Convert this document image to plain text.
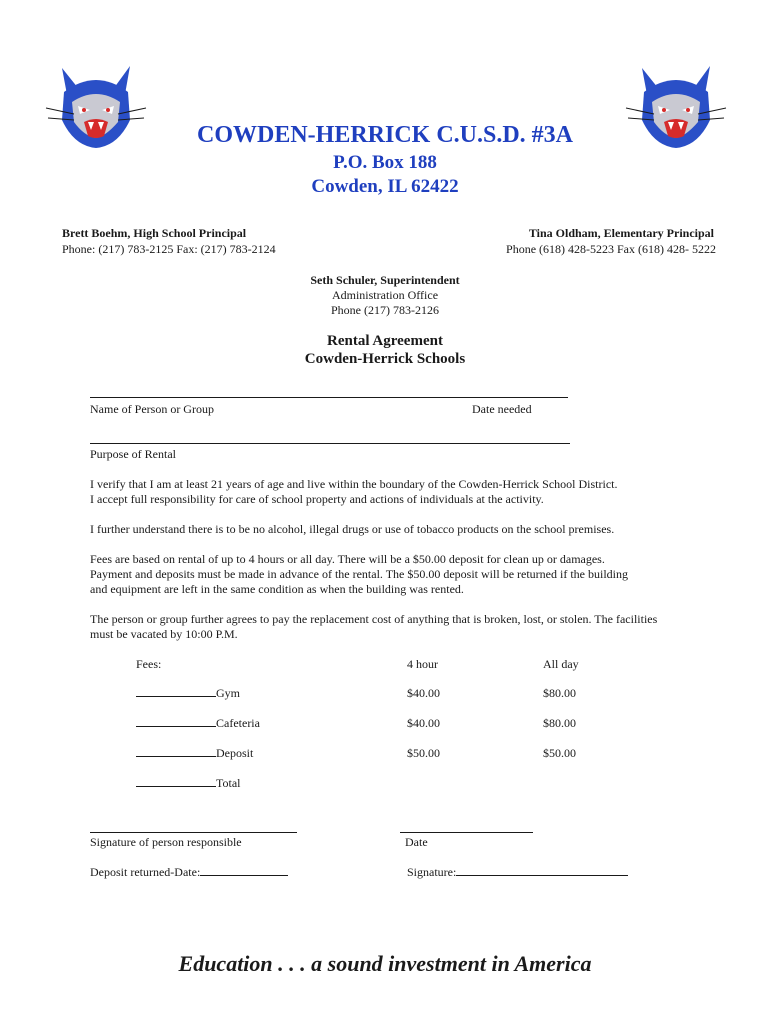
COWDEN-HERRICK C.U.S.D. #3A
P.O. Box 188
Cowden, IL 62422
Brett Boehm, High School Principal
Phone: (217) 783-2125 Fax: (217) 783-2124
Tina Oldham, Elementary Principal
Phone (618) 428-5223 Fax (618) 428- 5222
Seth Schuler, Superintendent
Administration Office
Phone (217) 783-2126
Rental Agreement
Cowden-Herrick Schools
Name of Person or Group	Date needed
Purpose of Rental
I verify that I am at least 21 years of age and live within the boundary of the Cowden-Herrick School District.
I accept full responsibility for care of school property and actions of individuals at the activity.
I further understand there is to be no alcohol, illegal drugs or use of tobacco products on the school premises.
Fees are based on rental of up to 4 hours or all day. There will be a $50.00 deposit for clean up or damages.
Payment and deposits must be made in advance of the rental. The $50.00 deposit will be returned if the building
and equipment are left in the same condition as when the building was rented.
The person or group further agrees to pay the replacement cost of anything that is broken, lost, or stolen. The facilities
must be vacated by 10:00 P.M.
Fees:	4 hour	All day
Gym	$40.00	$80.00
Cafeteria	$40.00	$80.00
Deposit	$50.00	$50.00
Total
Signature of person responsible	Date
Deposit returned-Date:	Signature:
Education . . . a sound investment in America
